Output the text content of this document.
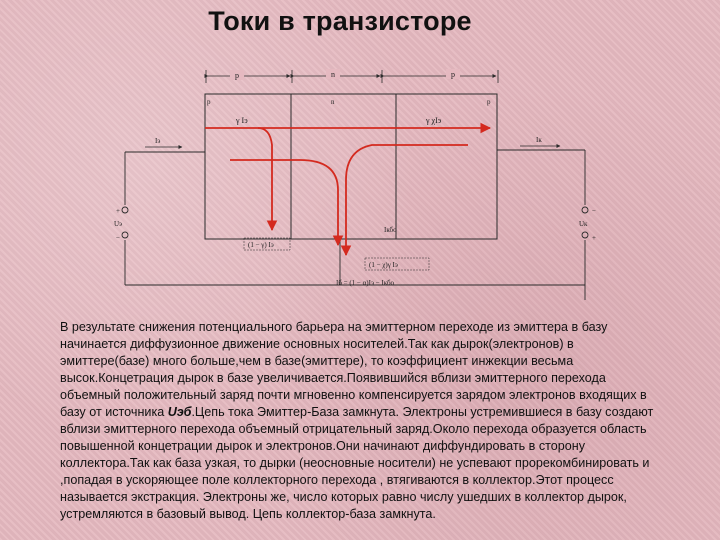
Токи в транзисторе
p	n	p
p	n	p
+
−
Uэ
−
+
Uк
Iэ	Iк
γ Iэ	γ χIэ
(1 − γ) Iэ
Iкбо
(1 − χ)γ Iэ
Iб = (1 − α)Iэ − Iкбо

В результате снижения потенциального барьера на эмиттерном переходе из эмиттера в базу начинается диффузионное движение основных носителей.Так как дырок(электронов) в эмиттере(базе) много больше,чем в базе(эмиттере), то коэффициент инжекции весьма высок.Концетрация дырок в базе увеличивается.Появившийся вблизи эмиттерного перехода объемный положительный заряд почти мгновенно компенсируется зарядом электронов входящих в базу от источника Uэб.Цепь тока Эмиттер-База замкнута. Электроны устремившиеся в базу создают вблизи эмиттерного перехода объемный отрицательный заряд.Около перехода образуется область повышенной концетрации дырок и электронов.Они начинают диффундировать в сторону коллектора.Так как база узкая, то дырки (неосновные носители) не успевают прорекомбинировать и ,попадая в ускоряющее поле коллекторного перехода , втягиваются в коллектор.Этот процесс называется экстракция. Электроны же, число которых равно числу ушедших в коллектор дырок, устремляются в базовый вывод. Цепь коллектор-база замкнута.
